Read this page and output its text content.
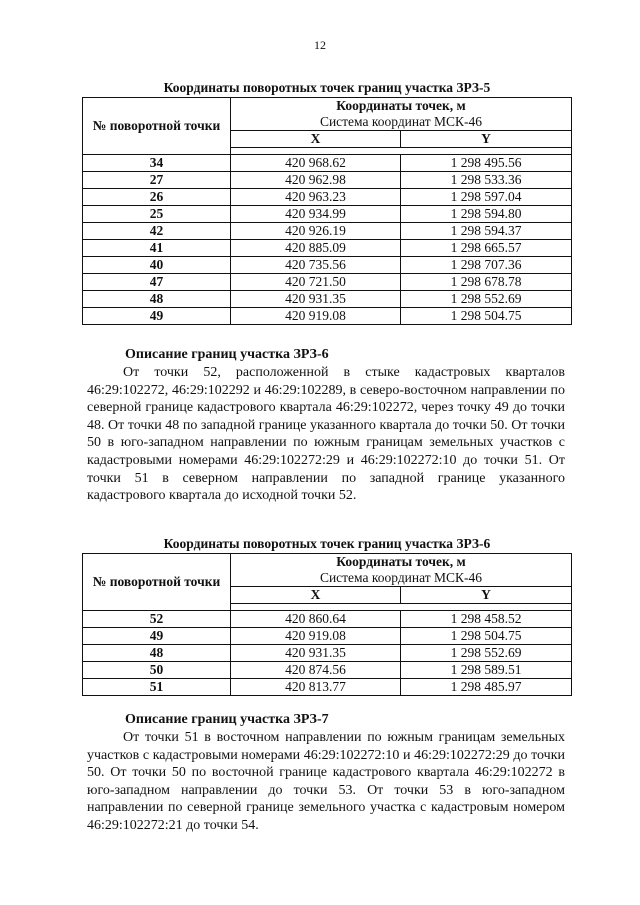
12
Координаты поворотных точек границ участка ЗРЗ-5
№ поворотной точки	Координаты точек, м
Система координат МСК-46	

	X	Y

34	420 968.62	1 298 495.56
27	420 962.98	1 298 533.36
26	420 963.23	1 298 597.04
25	420 934.99	1 298 594.80
42	420 926.19	1 298 594.37
41	420 885.09	1 298 665.57
40	420 735.56	1 298 707.36
47	420 721.50	1 298 678.78
48	420 931.35	1 298 552.69
49	420 919.08	1 298 504.75
Описание границ участка ЗРЗ-6

От точки 52, расположенной в стыке кадастровых кварталов 46:29:102272, 46:29:102292 и 46:29:102289, в северо-восточном направлении по северной границе кадастрового квартала 46:29:102272, через точку 49 до точки 48. От точки 48 по западной границе указанного квартала до точки 50. От точки 50 в юго-западном направлении по южным границам земельных участков с кадастровыми номерами 46:29:102272:29 и 46:29:102272:10 до точки 51. От точки 51 в северном направлении по западной границе указанного кадастрового квартала до исходной точки 52.

Координаты поворотных точек границ участка ЗРЗ-6
№ поворотной точки	Координаты точек, м
Система координат МСК-46	

	X	Y

52	420 860.64	1 298 458.52
49	420 919.08	1 298 504.75
48	420 931.35	1 298 552.69
50	420 874.56	1 298 589.51
51	420 813.77	1 298 485.97
Описание границ участка ЗРЗ-7

От точки 51 в восточном направлении по южным границам земельных участков с кадастровыми номерами 46:29:102272:10 и 46:29:102272:29 до точки 50. От точки 50 по восточной границе кадастрового квартала 46:29:102272 в юго-западном направлении до точки 53. От точки 53 в юго-западном направлении по северной границе земельного участка с кадастровым номером 46:29:102272:21 до точки 54.
